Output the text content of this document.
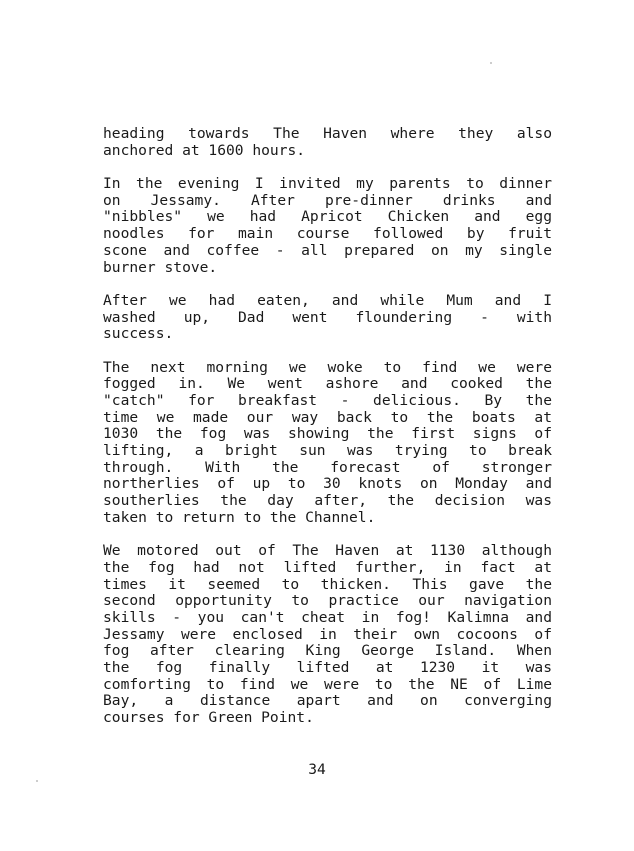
heading towards The Haven where they also
anchored at 1600 hours.
In the evening I invited my parents to dinner
on Jessamy. After pre-dinner drinks and
"nibbles" we had Apricot Chicken and egg
noodles for main course followed by fruit
scone and coffee - all prepared on my single
burner stove.
After we had eaten, and while Mum and I
washed up, Dad went floundering - with
success.
The next morning we woke to find we were
fogged in. We went ashore and cooked the
"catch" for breakfast - delicious. By the
time we made our way back to the boats at
1030 the fog was showing the first signs of
lifting, a bright sun was trying to break
through. With the forecast of stronger
northerlies of up to 30 knots on Monday and
southerlies the day after, the decision was
taken to return to the Channel.
We motored out of The Haven at 1130 although
the fog had not lifted further, in fact at
times it seemed to thicken. This gave the
second opportunity to practice our navigation
skills - you can't cheat in fog! Kalimna and
Jessamy were enclosed in their own cocoons of
fog after clearing King George Island. When
the fog finally lifted at 1230 it was
comforting to find we were to the NE of Lime
Bay, a distance apart and on converging
courses for Green Point.
34
